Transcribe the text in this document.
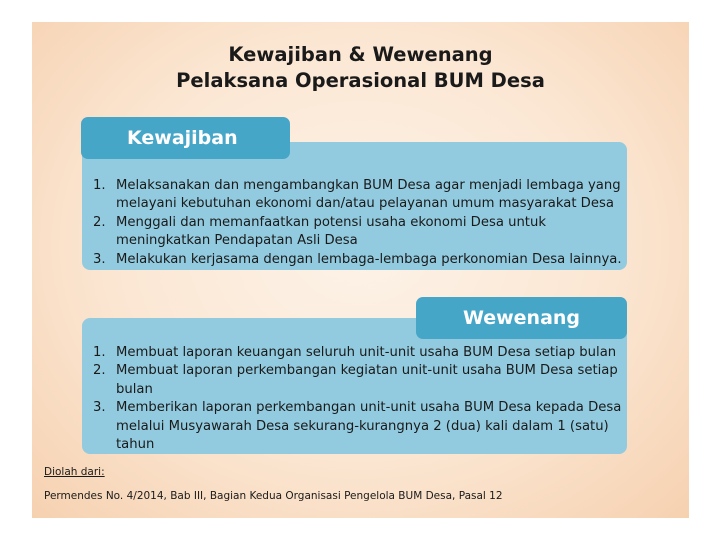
Kewajiban & Wewenang
Pelaksana Operasional BUM Desa
1. Melaksanakan dan mengambangkan BUM Desa agar menjadi lembaga yang melayani kebutuhan ekonomi dan/atau pelayanan umum masyarakat Desa
2. Menggali dan memanfaatkan potensi usaha ekonomi Desa untuk meningkatkan Pendapatan Asli Desa
3. Melakukan kerjasama dengan lembaga-lembaga perkonomian Desa lainnya.
Kewajiban
1. Membuat laporan keuangan seluruh unit-unit usaha BUM Desa setiap bulan
2. Membuat laporan perkembangan kegiatan unit-unit usaha BUM Desa setiap bulan
3. Memberikan laporan perkembangan unit-unit usaha BUM Desa kepada Desa melalui Musyawarah Desa sekurang-kurangnya 2 (dua) kali dalam 1 (satu) tahun
Wewenang
Diolah dari:
Permendes No. 4/2014, Bab III, Bagian Kedua Organisasi Pengelola BUM Desa, Pasal 12
